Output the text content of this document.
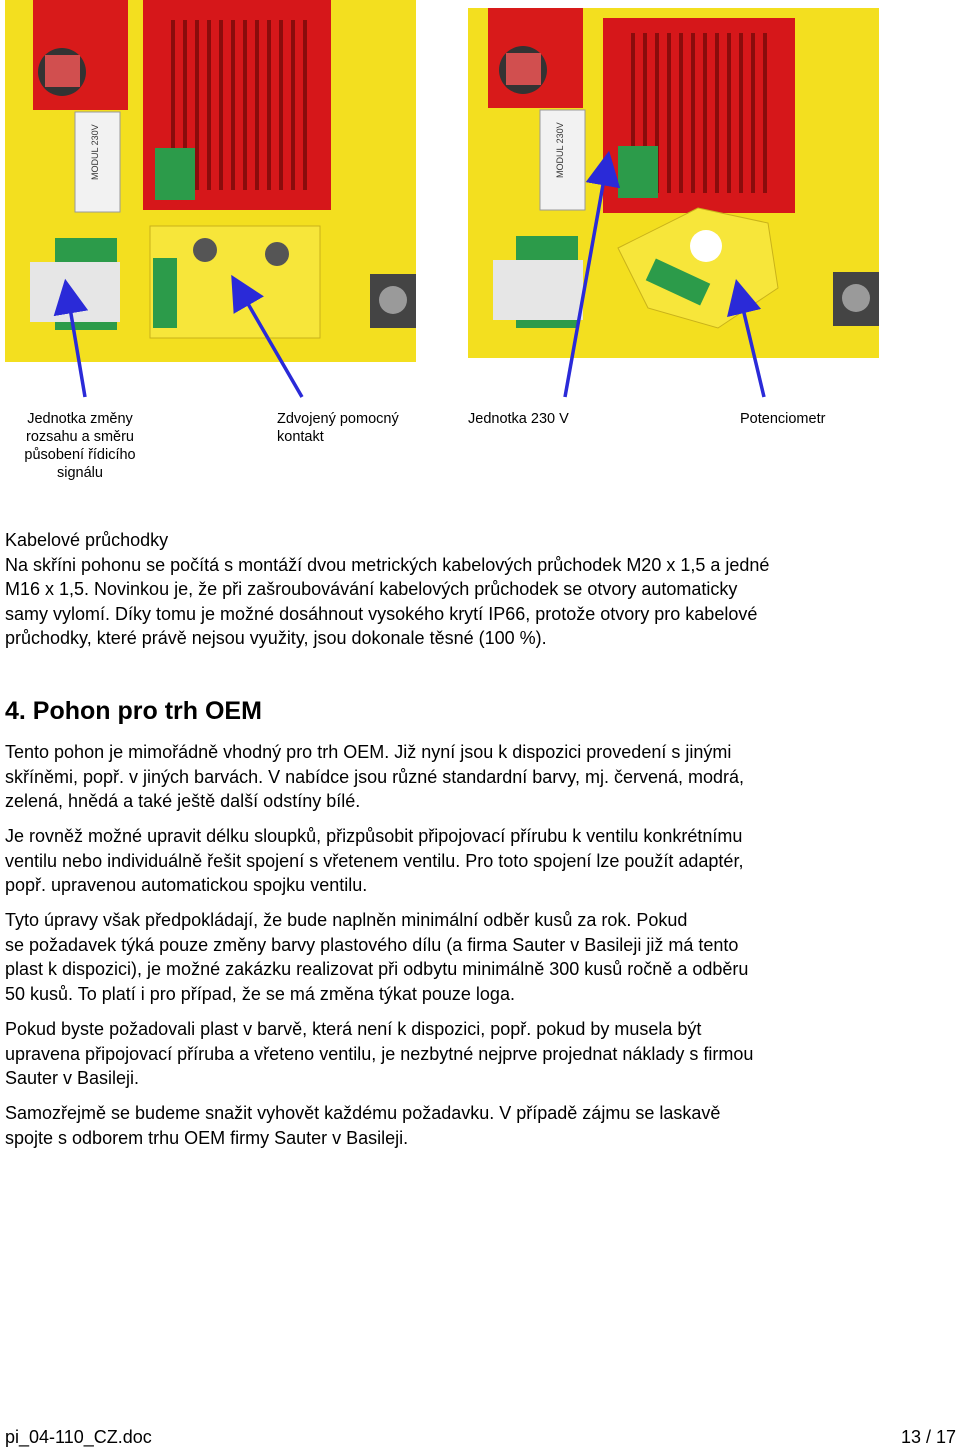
MODUL 230V	MODUL 230V
Jednotka změny
rozsahu a směru
působení řídicího
signálu
Zdvojený pomocný
kontakt
Jednotka 230 V	Potenciometr
Kabelové průchodky
Na skříni pohonu se počítá s montáží dvou metrických kabelových průchodek M20 x 1,5 a jedné
M16 x 1,5. Novinkou je, že při zašroubovávání kabelových průchodek se otvory automaticky
samy vylomí. Díky tomu je možné dosáhnout vysokého krytí IP66, protože otvory pro kabelové
průchodky, které právě nejsou využity, jsou dokonale těsné (100 %).
4. Pohon pro trh OEM
Tento pohon je mimořádně vhodný pro trh OEM. Již nyní jsou k dispozici provedení s jinými
skříněmi, popř. v jiných barvách. V nabídce jsou různé standardní barvy, mj. červená, modrá,
zelená, hnědá a také ještě další odstíny bílé.
Je rovněž možné upravit délku sloupků, přizpůsobit připojovací přírubu k ventilu konkrétnímu
ventilu nebo individuálně řešit spojení s vřetenem ventilu. Pro toto spojení lze použít adaptér,
popř. upravenou automatickou spojku ventilu.
Tyto úpravy však předpokládají, že bude naplněn minimální odběr kusů za rok. Pokud
se požadavek týká pouze změny barvy plastového dílu (a firma Sauter v Basileji již má tento
plast k dispozici), je možné zakázku realizovat při odbytu minimálně 300 kusů ročně a odběru
50 kusů. To platí i pro případ, že se má změna týkat pouze loga.
Pokud byste požadovali plast v barvě, která není k dispozici, popř. pokud by musela být
upravena připojovací příruba a vřeteno ventilu, je nezbytné nejprve projednat náklady s firmou
Sauter v Basileji.
Samozřejmě se budeme snažit vyhovět každému požadavku. V případě zájmu se laskavě
spojte s odborem trhu OEM firmy Sauter v Basileji.
pi_04-110_CZ.doc	13 / 17
